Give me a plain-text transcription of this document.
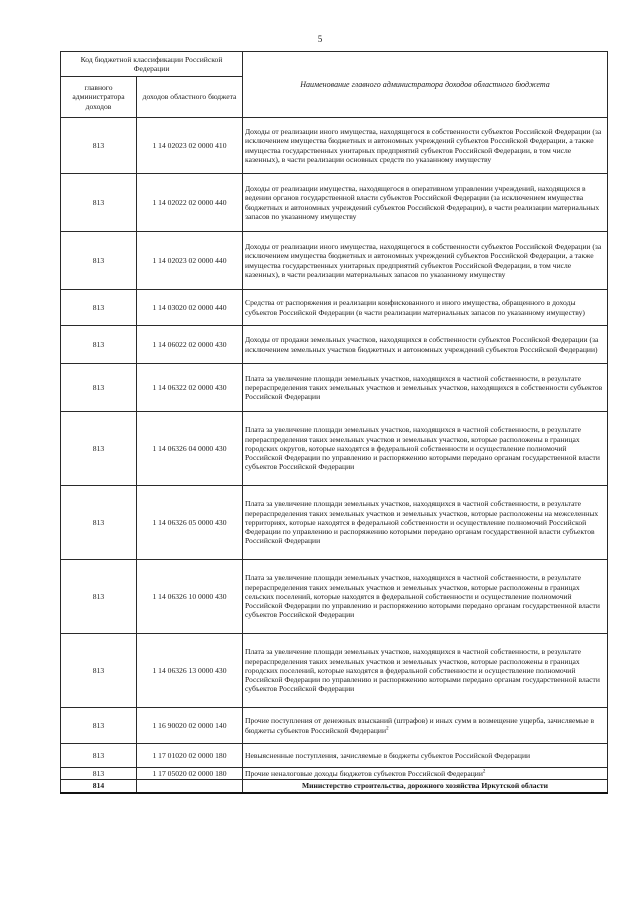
5
Код бюджетной классификации Российской Федерации		Наименование главного администратора доходов областного бюджета
главного администратора доходов	доходов областного бюджета	
813	1 14 02023 02 0000 410	Доходы от реализации иного имущества, находящегося в собственности субъектов Российской Федерации (за исключением имущества бюджетных и автономных учреждений субъектов Российской Федерации, а также имущества государственных унитарных предприятий субъектов Российской Федерации, в том числе казенных), в части реализации основных средств по указанному имуществу
813	1 14 02022 02 0000 440	Доходы от реализации имущества, находящегося в оперативном управлении учреждений, находящихся в ведении органов государственной власти субъектов Российской Федерации (за исключением имущества бюджетных и автономных учреждений субъектов Российской Федерации), в части реализации материальных запасов по указанному имуществу
813	1 14 02023 02 0000 440	Доходы от реализации иного имущества, находящегося в собственности субъектов Российской Федерации (за исключением имущества бюджетных и автономных учреждений субъектов Российской Федерации, а также имущества государственных унитарных предприятий субъектов Российской Федерации, в том числе казенных), в части реализации материальных запасов по указанному имуществу
813	1 14 03020 02 0000 440	Средства от распоряжения и реализации конфискованного и иного имущества, обращенного в доходы субъектов Российской Федерации (в части реализации материальных запасов по указанному имуществу)
813	1 14 06022 02 0000 430	Доходы от продажи земельных участков, находящихся в собственности субъектов Российской Федерации (за исключением земельных участков бюджетных и автономных учреждений субъектов Российской Федерации)
813	1 14 06322 02 0000 430	Плата за увеличение площади земельных участков, находящихся в частной собственности, в результате перераспределения таких земельных участков и земельных участков, находящихся в собственности субъектов Российской Федерации
813	1 14 06326 04 0000 430	Плата за увеличение площади земельных участков, находящихся в частной собственности, в результате перераспределения таких земельных участков и земельных участков, которые расположены в границах городских округов, которые находятся в федеральной собственности и осуществление полномочий Российской Федерации по управлению и распоряжению которыми передано органам государственной власти субъектов Российской Федерации
813	1 14 06326 05 0000 430	Плата за увеличение площади земельных участков, находящихся в частной собственности, в результате перераспределения таких земельных участков и земельных участков, которые расположены на межселенных территориях, которые находятся в федеральной собственности и осуществление полномочий Российской Федерации по управлению и распоряжению которыми передано органам государственной власти субъектов Российской Федерации
813	1 14 06326 10 0000 430	Плата за увеличение площади земельных участков, находящихся в частной собственности, в результате перераспределения таких земельных участков и земельных участков, которые расположены в границах сельских поселений, которые находятся в федеральной собственности и осуществление полномочий Российской Федерации по управлению и распоряжению которыми передано органам государственной власти субъектов Российской Федерации
813	1 14 06326 13 0000 430	Плата за увеличение площади земельных участков, находящихся в частной собственности, в результате перераспределения таких земельных участков и земельных участков, которые расположены в границах городских поселений, которые находятся в федеральной собственности и осуществление полномочий Российской Федерации по управлению и распоряжению которыми передано органам государственной власти субъектов Российской Федерации
813	1 16 90020 02 0000 140	Прочие поступления от денежных взысканий (штрафов) и иных сумм в возмещение ущерба, зачисляемые в бюджеты субъектов Российской Федерации$^2$
813	1 17 01020 02 0000 180	Невыясненные поступления, зачисляемые в бюджеты субъектов Российской Федерации
813	1 17 05020 02 0000 180	Прочие неналоговые доходы бюджетов субъектов Российской Федерации$^2$
814		Министерство строительства, дорожного хозяйства Иркутской области
